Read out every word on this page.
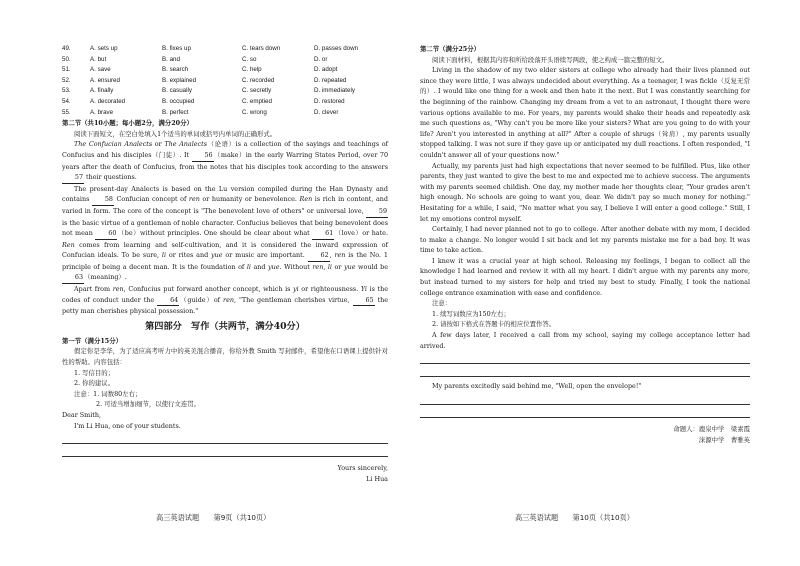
49.	A. sets up	B. fixes up	C. tears down	D. passes down
50.	A. but	B. and	C. so	D. or
51.	A. save	B. search	C. help	D. adopt
52.	A. ensured	B. explained	C. recorded	D. repeated
53.	A. finally	B. casually	C. secretly	D. immediately
54.	A. decorated	B. occupied	C. emptied	D. restored
55.	A. brave	B. perfect	C. wrong	D. clever

第二节（共10小题；每小题2分，满分20分）

阅读下面短文，在空白处填入1个适当的单词或括号内单词的正确形式。

The Confucian Analects or The Analects（论语）is a collection of the sayings and teachings of Confucius and his disciples（门徒）. It 56（make）in the early Warring States Period, over 70 years after the death of Confucius, from the notes that his disciples took according to the answers 57 their questions.

The present-day Analects is based on the Lu version compiled during the Han Dynasty and contains 58 Confucian concept of ren or humanity or benevolence. Ren is rich in content, and varied in form. The core of the concept is "The benevolent love of others" or universal love, 59 is the basic virtue of a gentleman of noble character. Confucius believes that being benevolent does not mean 60（be）without principles. One should be clear about what 61（love）or hate. Ren comes from learning and self-cultivation, and it is considered the inward expression of Confucian ideals. To be sure, li or rites and yue or music are important. 62, ren is the No. 1 principle of being a decent man. It is the foundation of li and yue. Without ren, li or yue would be 63（meaning）.

Apart from ren, Confucius put forward another concept, which is yi or righteousness. Yi is the codes of conduct under the 64（guide）of ren, "The gentleman cherishes virtue, 65 the petty man cherishes physical possession."

第四部分　写作（共两节，满分40分）

第一节（满分15分）

假定你是李华，为了适应高考听力中的英美混合播音，你给外教 Smith 写封邮件，希望他在口语课上提供针对性的帮助。内容包括：

1. 写信目的；

2. 你的建议。

注意：1. 词数80左右；

2. 可适当增加细节，以使行文连贯。

Dear Smith,

I'm Li Hua, one of your students.

Yours sincerely,

Li Hua

高三英语试题　　第9页（共10页）

第二节（满分25分）

阅读下面材料，根据其内容和所给段落开头语续写两段，使之构成一篇完整的短文。

Living in the shadow of my two elder sisters at college who already had their lives planned out since they were little, I was always undecided about everything. As a teenager, I was fickle（反复无常的）. I would like one thing for a week and then hate it the next. But I was constantly searching for the beginning of the rainbow. Changing my dream from a vet to an astronaut, I thought there were various options available to me. For years, my parents would shake their heads and repeatedly ask me such questions as, "Why can't you be more like your sisters? What are you going to do with your life? Aren't you interested in anything at all?" After a couple of shrugs（耸肩）, my parents usually stopped talking. I was not sure if they gave up or anticipated my dull reactions. I often responded, "I couldn't answer all of your questions now."

Actually, my parents just had high expectations that never seemed to be fulfilled. Plus, like other parents, they just wanted to give the best to me and expected me to achieve success. The arguments with my parents seemed childish. One day, my mother made her thoughts clear, "Your grades aren't high enough. No schools are going to want you, dear. We didn't pay so much money for nothing." Hesitating for a while, I said, "No matter what you say, I believe I will enter a good college." Still, I let my emotions control myself.

Certainly, I had never planned not to go to college. After another debate with my mom, I decided to make a change. No longer would I sit back and let my parents mistake me for a bad boy. It was time to take action.

I knew it was a crucial year at high school. Releasing my feelings, I began to collect all the knowledge I had learned and review it with all my heart. I didn't argue with my parents any more, but instead turned to my sisters for help and tried my best to study. Finally, I took the national college entrance examination with ease and confidence.

注意：

1. 续写词数应为150左右；

2. 请按如下格式在答题卡的相应位置作答。

A few days later, I received a call from my school, saying my college acceptance letter had arrived.

My parents excitedly said behind me, "Well, open the envelope!"

命题人：鹿泉中学　梁素霞
涞源中学　曹雅英
高三英语试题　　第10页（共10页）
